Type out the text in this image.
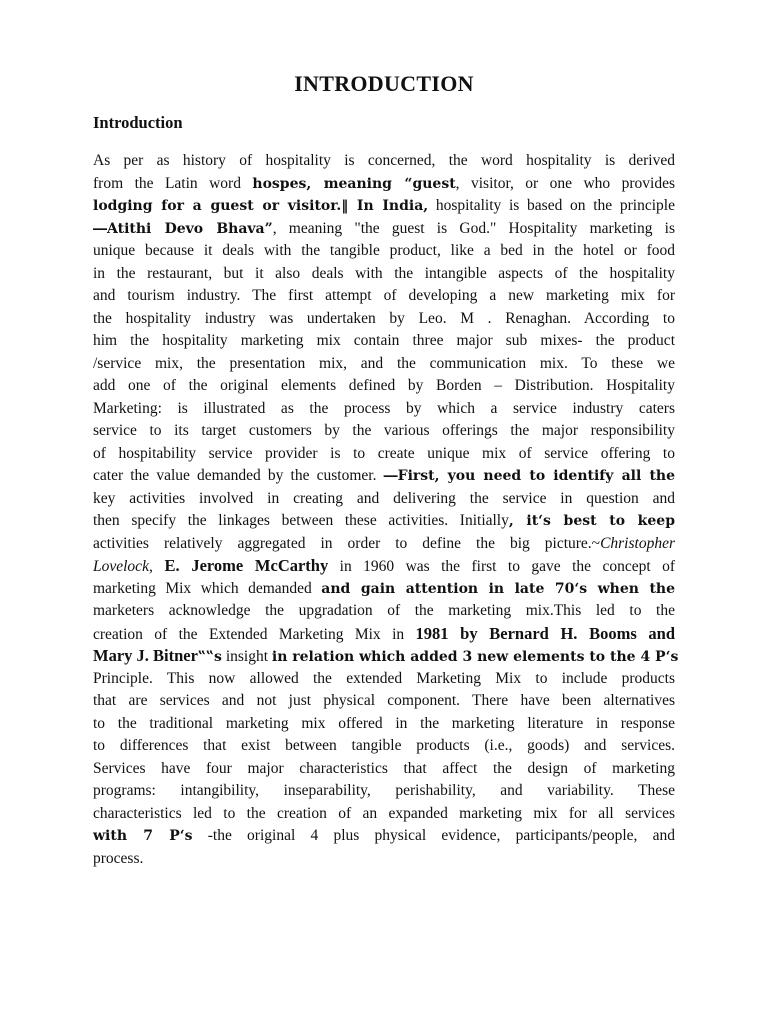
INTRODUCTION
Introduction
As per as history of hospitality is concerned, the word hospitality is derived
from the Latin word hospes, meaning “guest, visitor, or one who provides
lodging for a guest or visitor.‖ In India, hospitality is based on the principle
―Atithi Devo Bhava”, meaning "the guest is God." Hospitality marketing is
unique because it deals with the tangible product, like a bed in the hotel or food
in the restaurant, but it also deals with the intangible aspects of the hospitality
and tourism industry. The first attempt of developing a new marketing mix for
the hospitality industry was undertaken by Leo. M . Renaghan. According to
him the hospitality marketing mix contain three major sub mixes- the product
/service mix, the presentation mix, and the communication mix. To these we
add one of the original elements defined by Borden – Distribution. Hospitality
Marketing: is illustrated as the process by which a service industry caters
service to its target customers by the various offerings the major responsibility
of hospitability service provider is to create unique mix of service offering to
cater the value demanded by the customer. ―First, you need to identify all the
key activities involved in creating and delivering the service in question and
then specify the linkages between these activities. Initially, it‘s best to keep
activities relatively aggregated in order to define the big picture.~Christopher
Lovelock, E. Jerome McCarthy in 1960 was the first to gave the concept of
marketing Mix which demanded and gain attention in late 70‘s when the
marketers acknowledge the upgradation of the marketing mix.This led to the
creation of the Extended Marketing Mix in 1981 by Bernard H. Booms and
Mary J. Bitner‟‟s insight in relation which added 3 new elements to the 4 P‘s
Principle. This now allowed the extended Marketing Mix to include products
that are services and not just physical component. There have been alternatives
to the traditional marketing mix offered in the marketing literature in response
to differences that exist between tangible products (i.e., goods) and services.
Services have four major characteristics that affect the design of marketing
programs: intangibility, inseparability, perishability, and variability. These
characteristics led to the creation of an expanded marketing mix for all services
with 7 P‘s -the original 4 plus physical evidence, participants/people, and
process.
